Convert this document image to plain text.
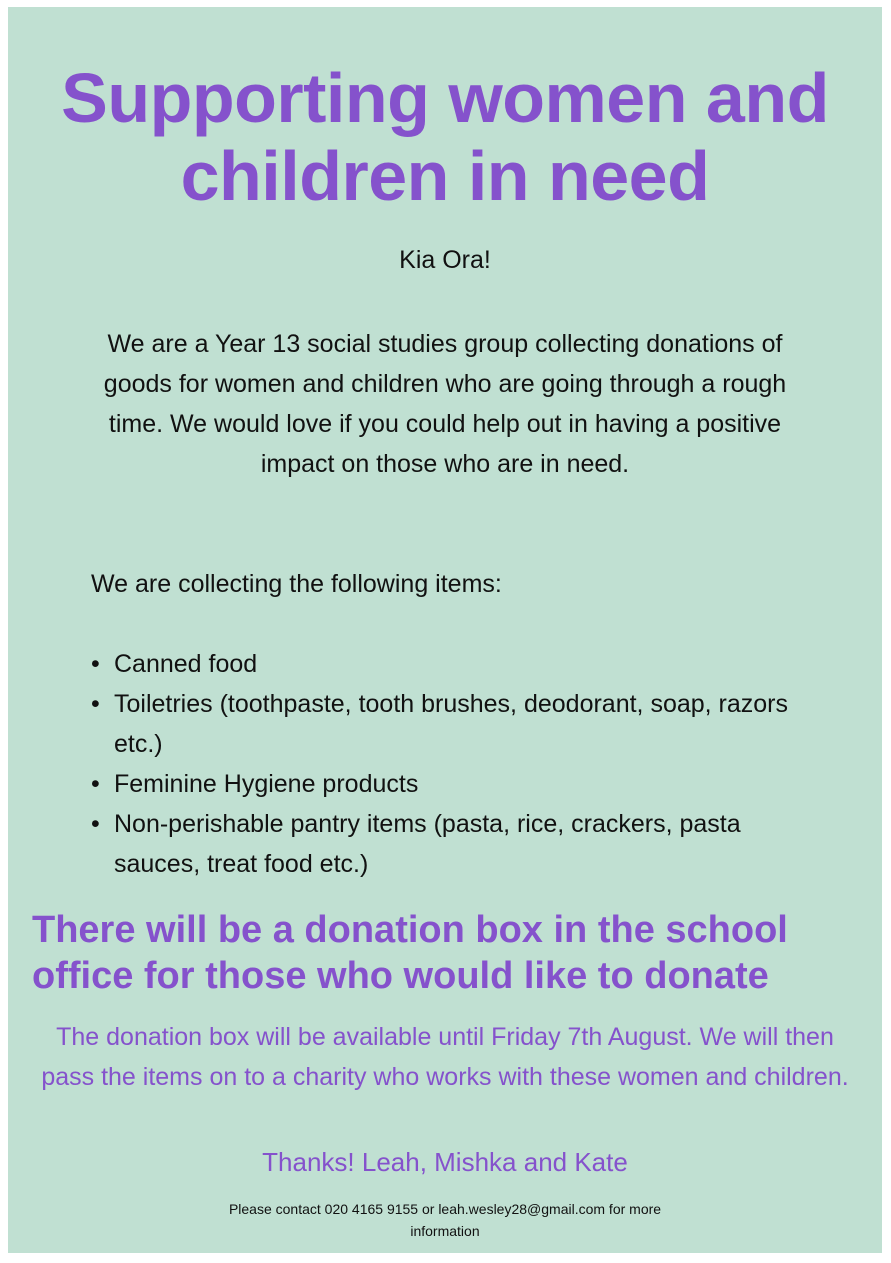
Supporting women and children in need
Kia Ora!
We are a Year 13 social studies group collecting donations of goods for women and children who are going through a rough time. We would love if you could help out in having a positive impact on those who are in need.
We are collecting the following items:
• Canned food
• Toiletries (toothpaste, tooth brushes, deodorant, soap, razors etc.)
• Feminine Hygiene products
• Non-perishable pantry items (pasta, rice, crackers, pasta sauces, treat food etc.)
There will be a donation box in the school office for those who would like to donate
The donation box will be available until Friday 7th August. We will then pass the items on to a charity who works with these women and children.
Thanks! Leah, Mishka and Kate
Please contact 020 4165 9155 or leah.wesley28@gmail.com for more information
